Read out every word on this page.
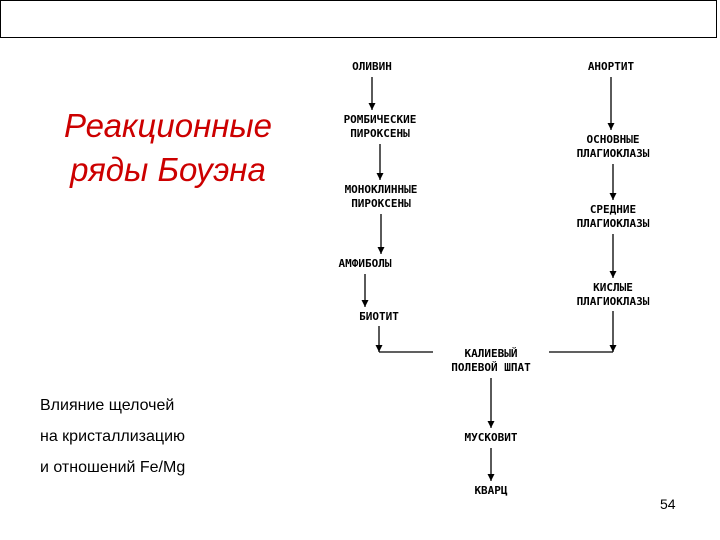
Реакционные
ряды Боуэна
Влияние щелочей
на кристаллизацию
и отношений Fe/Mg
54
ОЛИВИН
РОМБИЧЕСКИЕ
ПИРОКСЕНЫ
МОНОКЛИННЫЕ
ПИРОКСЕНЫ
АМФИБОЛЫ
БИОТИТ
АНОРТИТ
ОСНОВНЫЕ
ПЛАГИОКЛАЗЫ
СРЕДНИЕ
ПЛАГИОКЛАЗЫ
КИСЛЫЕ
ПЛАГИОКЛАЗЫ
КАЛИЕВЫЙ
ПОЛЕВОЙ ШПАТ
МУСКОВИТ
КВАРЦ
